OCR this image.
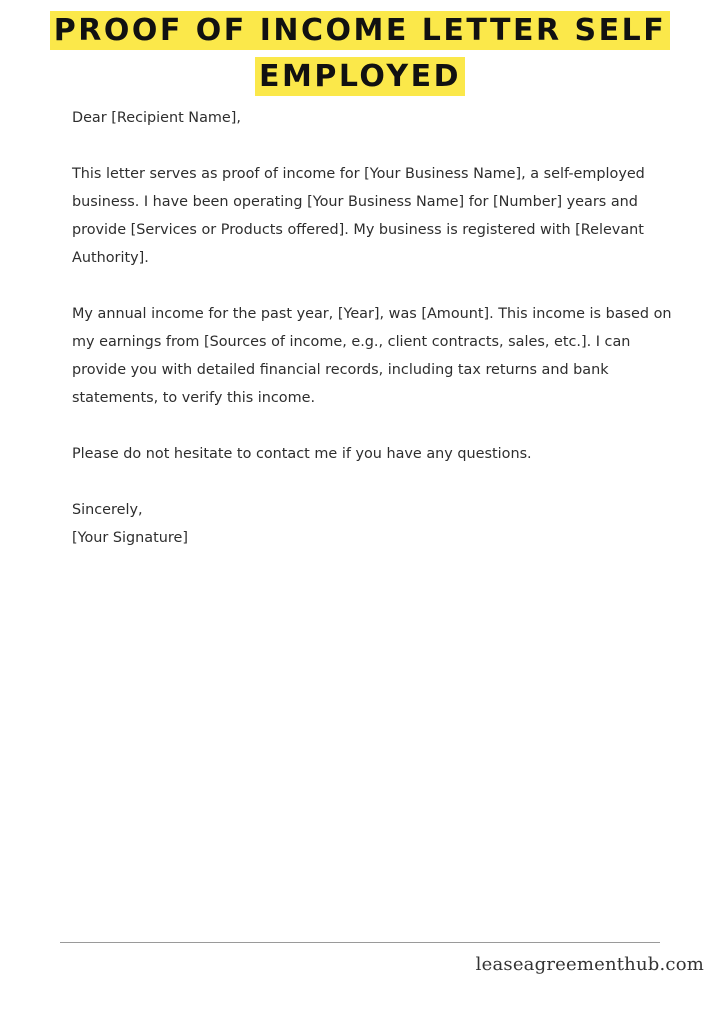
PROOF OF INCOME LETTER SELF
EMPLOYED

Dear [Recipient Name],

This letter serves as proof of income for [Your Business Name], a self-employed business. I have been operating [Your Business Name] for [Number] years and provide [Services or Products offered]. My business is registered with [Relevant Authority].

My annual income for the past year, [Year], was [Amount]. This income is based on my earnings from [Sources of income, e.g., client contracts, sales, etc.]. I can provide you with detailed financial records, including tax returns and bank statements, to verify this income.

Please do not hesitate to contact me if you have any questions.

Sincerely,

[Your Signature]

leaseagreementhub.com
